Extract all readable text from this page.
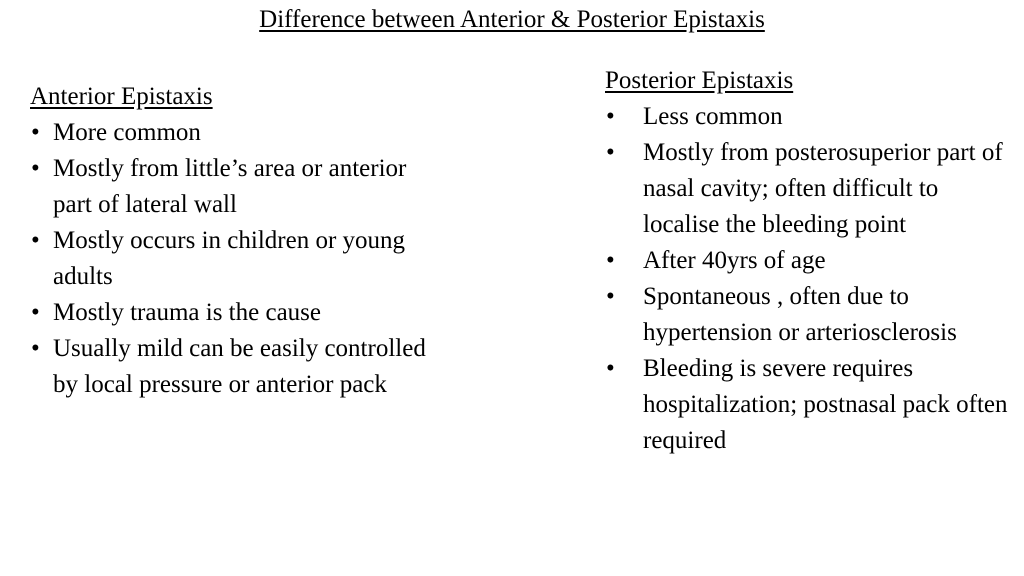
Difference between Anterior & Posterior Epistaxis
Anterior Epistaxis
• More common
• Mostly from little’s area or anterior part of lateral wall
• Mostly occurs in children or young adults
• Mostly trauma is the cause
• Usually mild can be easily controlled by local pressure or anterior pack
Posterior Epistaxis
• Less common
• Mostly from posterosuperior part of nasal cavity; often difficult to localise the bleeding point
• After 40yrs of age
• Spontaneous , often due to hypertension or arteriosclerosis
• Bleeding is severe requires hospitalization; postnasal pack often required
